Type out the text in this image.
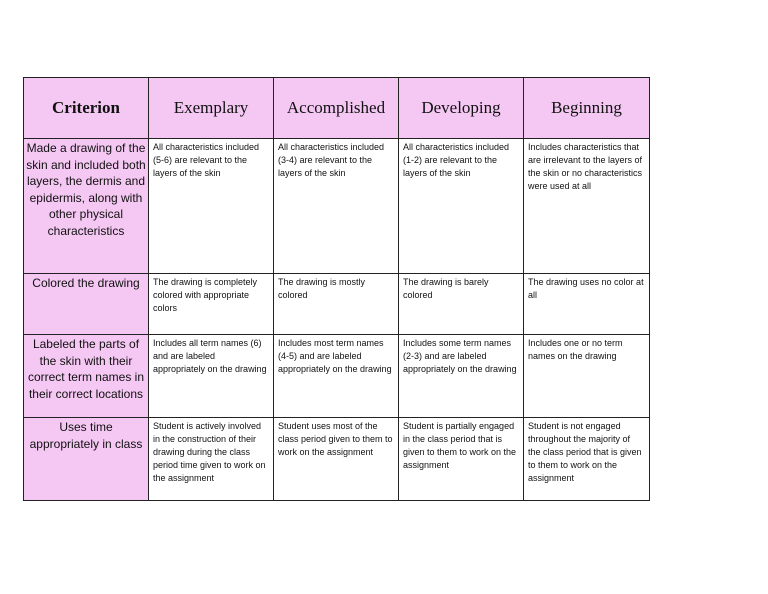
Criterion	Exemplary	Accomplished	Developing	Beginning
Made a drawing of the skin and included both layers, the dermis and epidermis, along with other physical characteristics	All characteristics included (5-6) are relevant to the layers of the skin	All characteristics included (3-4) are relevant to the layers of the skin	All characteristics included (1-2) are relevant to the layers of the skin	Includes characteristics that are irrelevant to the layers of the skin or no characteristics were used at all
Colored the drawing	The drawing is completely colored with appropriate colors	The drawing is mostly colored	The drawing is barely colored	The drawing uses no color at all
Labeled the parts of the skin with their correct term names in their correct locations	Includes all term names (6) and are labeled appropriately on the drawing	Includes most term names (4-5) and are labeled appropriately on the drawing	Includes some term names (2-3) and are labeled appropriately on the drawing	Includes one or no term names on the drawing
Uses time appropriately in class	Student is actively involved in the construction of their drawing during the class period time given to work on the assignment	Student uses most of the class period given to them to work on the assignment	Student is partially engaged in the class period that is given to them to work on the assignment	Student is not engaged throughout the majority of the class period that is given to them to work on the assignment
